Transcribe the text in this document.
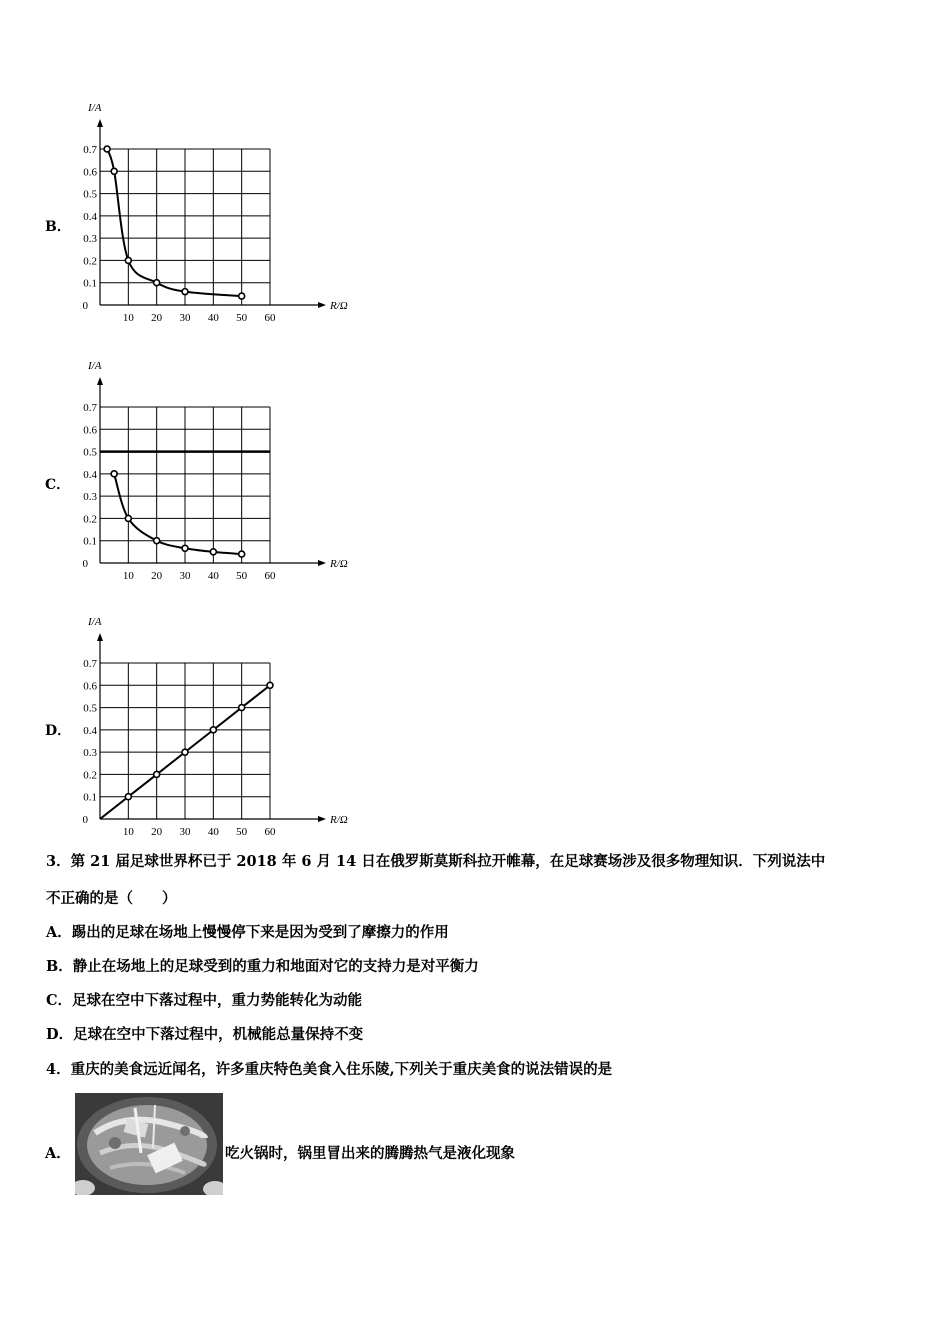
B．
C．
D．
I/A
R/Ω
0.7
0.6
0.5
0.4
0.3
0.2
0.1
0
10 20 30 40 50 60
I/A
R/Ω
0.7
0.6
0.5
0.4
0.3
0.2
0.1
0
10 20 30 40 50 60
I/A
R/Ω
0.7
0.6
0.5
0.4
0.3
0.2
0.1
0
10 20 30 40 50 60
3．第 21 届足球世界杯已于 2018 年 6 月 14 日在俄罗斯莫斯科拉开帷幕，在足球赛场涉及很多物理知识．下列说法中
不正确的是（　　）
A．踢出的足球在场地上慢慢停下来是因为受到了摩擦力的作用
B．静止在场地上的足球受到的重力和地面对它的支持力是对平衡力
C．足球在空中下落过程中，重力势能转化为动能
D．足球在空中下落过程中，机械能总量保持不变
4．重庆的美食远近闻名，许多重庆特色美食入住乐陵,下列关于重庆美食的说法错误的是
A．	吃火锅时，锅里冒出来的腾腾热气是液化现象
